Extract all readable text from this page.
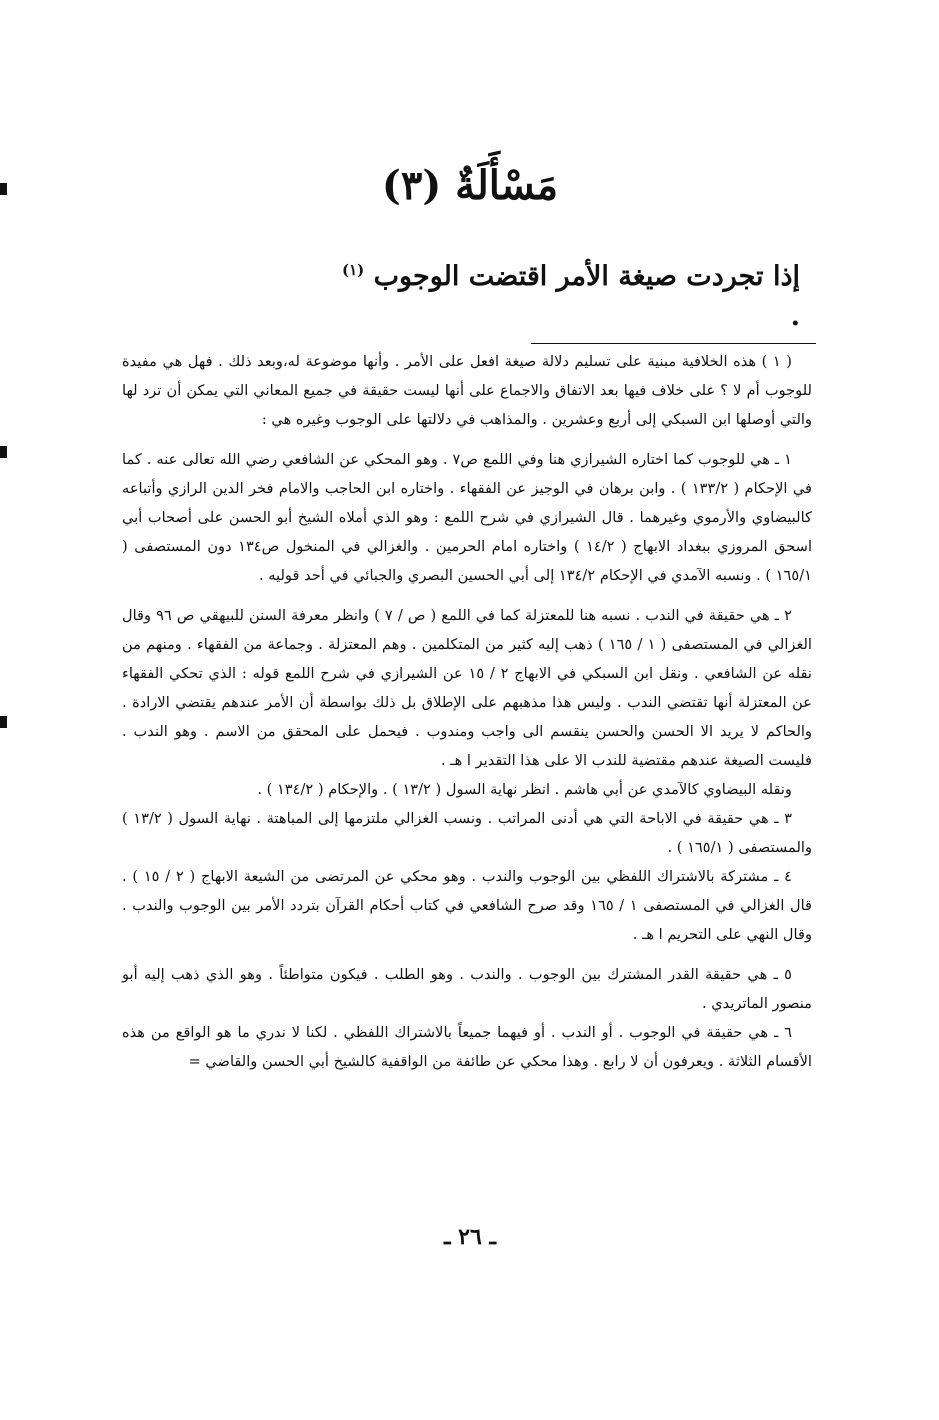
مَسْأَلَةٌ (٣)
إذا تجردت صيغة الأمر اقتضت الوجوب $^{(١)}$ .

( ١ ) هذه الخلافية مبنية على تسليم دلالة صيغة افعل على الأمر . وأنها موضوعة له،وبعد ذلك . فهل هي مفيدة للوجوب أم لا ؟ على خلاف فيها بعد الاتفاق والاجماع على أنها ليست حقيقة في جميع المعاني التي يمكن أن ترد لها والتي أوصلها ابن السبكي إلى أربع وعشرين . والمذاهب في دلالتها على الوجوب وغيره هي :

١ ـ هي للوجوب كما اختاره الشيرازي هنا وفي اللمع ص٧ . وهو المحكي عن الشافعي رضي الله تعالى عنه . كما في الإحكام ( ١٣٣/٢ ) . وابن برهان في الوجيز عن الفقهاء . واختاره ابن الحاجب والامام فخر الدين الرازي وأتباعه كالبيضاوي والأرموي وغيرهما . قال الشيرازي في شرح اللمع : وهو الذي أملاه الشيخ أبو الحسن على أصحاب أبي اسحق المروزي ببغداد الابهاج ( ١٤/٢ ) واختاره امام الحرمين . والغزالي في المنخول ص١٣٤ دون المستصفى ( ١٦٥/١ ) . ونسبه الآمدي في الإحكام ١٣٤/٢ إلى أبي الحسين البصري والجبائي في أحد قوليه .

٢ ـ هي حقيقة في الندب . نسبه هنا للمعتزلة كما في اللمع ( ص / ٧ ) وانظر معرفة السنن للبيهقي ص ٩٦ وقال الغزالي في المستصفى ( ١ / ١٦٥ ) ذهب إليه كثير من المتكلمين . وهم المعتزلة . وجماعة من الفقهاء . ومنهم من نقله عن الشافعي . ونقل ابن السبكي في الابهاج ٢ / ١٥ عن الشيرازي في شرح اللمع قوله : الذي تحكي الفقهاء عن المعتزلة أنها تقتضي الندب . وليس هذا مذهبهم على الإطلاق بل ذلك بواسطة أن الأمر عندهم يقتضي الارادة . والحاكم لا يريد الا الحسن والحسن ينقسم الى واجب ومندوب . فيحمل على المحقق من الاسم . وهو الندب . فليست الصيغة عندهم مقتضية للندب الا على هذا التقدير ا هـ .

ونقله البيضاوي كالآمدي عن أبي هاشم . انظر نهاية السول ( ١٣/٢ ) . والإحكام ( ١٣٤/٢ ) .

٣ ـ هي حقيقة في الاباحة التي هي أدنى المراتب . ونسب الغزالي ملتزمها إلى المباهتة . نهاية السول ( ١٣/٢ ) والمستصفى ( ١٦٥/١ ) .

٤ ـ مشتركة بالاشتراك اللفظي بين الوجوب والندب . وهو محكي عن المرتضى من الشيعة الابهاج ( ٢ / ١٥ ) . قال الغزالي في المستصفى ١ / ١٦٥ وقد صرح الشافعي في كتاب أحكام القرآن بتردد الأمر بين الوجوب والندب . وقال النهي على التحريم ا هـ .

٥ ـ هي حقيقة القدر المشترك بين الوجوب . والندب . وهو الطلب . فيكون متواطئاً . وهو الذي ذهب إليه أبو منصور الماتريدي .

٦ ـ هي حقيقة في الوجوب . أو الندب . أو فيهما جميعاً بالاشتراك اللفظي . لكنا لا ندري ما هو الواقع من هذه الأقسام الثلاثة . ويعرفون أن لا رابع . وهذا محكي عن طائفة من الواقفية كالشيخ أبي الحسن والقاضي =

ـ ٢٦ ـ
